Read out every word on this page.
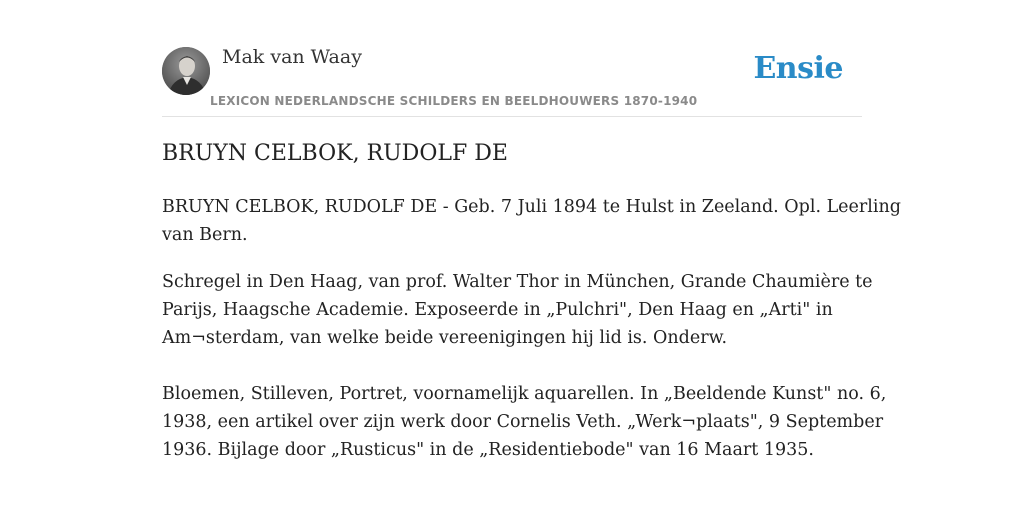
Mak van Waay
LEXICON NEDERLANDSCHE SCHILDERS EN BEELDHOUWERS 1870-1940
Ensie
BRUYN CELBOK, RUDOLF DE

BRUYN CELBOK, RUDOLF DE - Geb. 7 Juli 1894 te Hulst in Zeeland. Opl. Leerling
van Bern.

Schregel in Den Haag, van prof. Walter Thor in München, Grande Chaumière te
Parijs, Haagsche Academie. Exposeerde in „Pulchri", Den Haag en „Arti" in
Am¬sterdam, van welke beide vereenigingen hij lid is. Onderw.
Bloemen, Stilleven, Portret, voornamelijk aquarellen. In „Beeldende Kunst" no. 6,
1938, een artikel over zijn werk door Cornelis Veth. „Werk¬plaats", 9 September
1936. Bijlage door „Rusticus" in de „Residentiebode" van 16 Maart 1935.
